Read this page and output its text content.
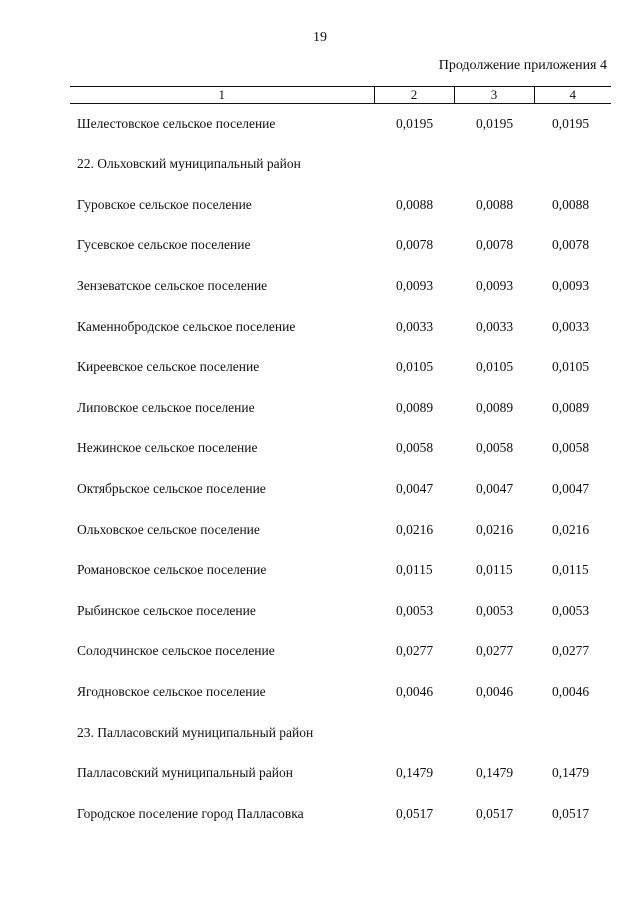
19
Продолжение приложения 4
1	2	3	4
Шелестовское сельское поселение	0,0195	0,0195	0,0195
22. Ольховский муниципальный район			
Гуровское сельское поселение	0,0088	0,0088	0,0088
Гусевское сельское поселение	0,0078	0,0078	0,0078
Зензеватское сельское поселение	0,0093	0,0093	0,0093
Каменнобродское сельское поселение	0,0033	0,0033	0,0033
Киреевское сельское поселение	0,0105	0,0105	0,0105
Липовское сельское поселение	0,0089	0,0089	0,0089
Нежинское сельское поселение	0,0058	0,0058	0,0058
Октябрьское сельское поселение	0,0047	0,0047	0,0047
Ольховское сельское поселение	0,0216	0,0216	0,0216
Романовское сельское поселение	0,0115	0,0115	0,0115
Рыбинское сельское поселение	0,0053	0,0053	0,0053
Солодчинское сельское поселение	0,0277	0,0277	0,0277
Ягодновское сельское поселение	0,0046	0,0046	0,0046
23. Палласовский муниципальный район			
Палласовский муниципальный район	0,1479	0,1479	0,1479
Городское поселение город Палласовка	0,0517	0,0517	0,0517
